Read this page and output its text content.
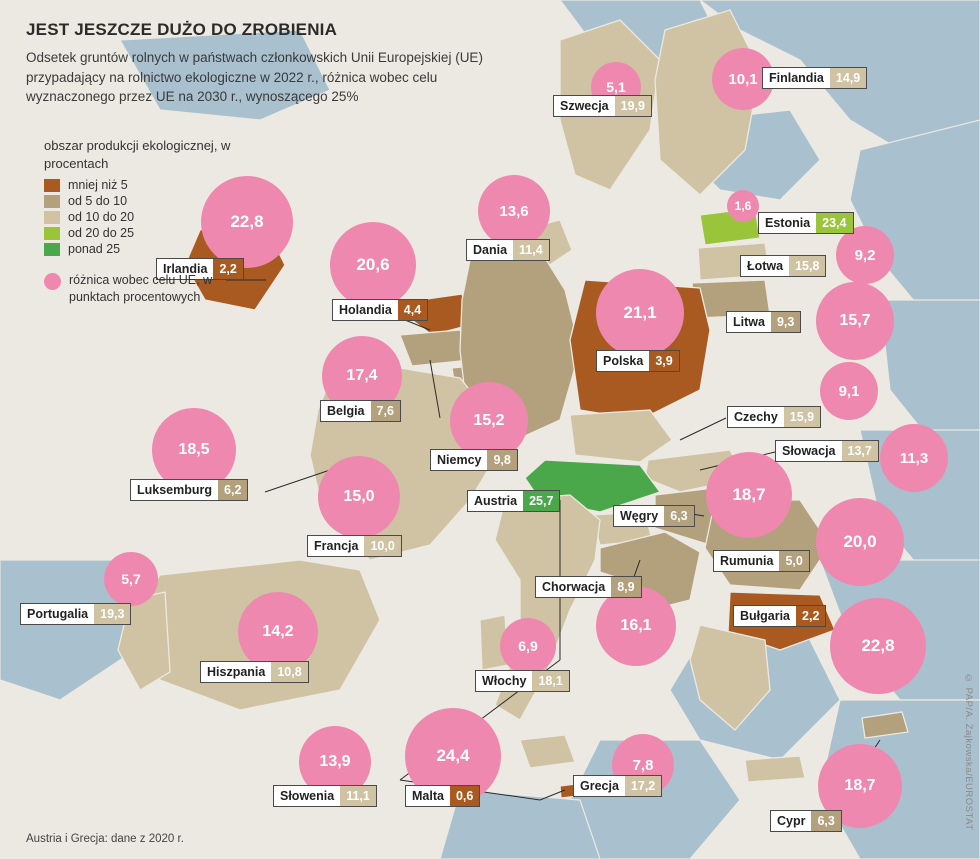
JEST JESZCZE DUŻO DO ZROBIENIA

Odsetek gruntów rolnych w państwach członkowskich Unii Europejskiej (UE) przypadający na rolnictwo ekologiczne w 2022 r., różnica wobec celu wyznaczonego przez UE na 2030 r., wynoszącego 25%

obszar produkcji ekologicznej, w procentach
mniej niż 5
od 5 do 10
od 10 do 20
od 20 do 25
ponad 25
różnica wobec celu UE, w punktach procentowych
5,1	10,1
13,6	1,6
9,2
15,7
22,8
20,6
21,1
17,4
9,1
11,3
15,2
18,5
18,7
15,0
20,0
16,1
5,7
22,8
14,2
6,9
13,9	24,4	7,8
18,7
Finlandia 14,9
Szwecja 19,9
Estonia 23,4
Dania 11,4
Łotwa 15,8
Irlandia 2,2
Holandia 4,4
Litwa 9,3
Polska 3,9
Belgia 7,6	Czechy 15,9
Słowacja 13,7
Niemcy 9,8
Luksemburg 6,2
Austria 25,7
Węgry 6,3
Francja 10,0
Rumunia 5,0
Chorwacja 8,9
Portugalia 19,3	Bułgaria 2,2
Hiszpania 10,8
Włochy 18,1
Grecja 17,2
Słowenia 11,1	Malta 0,6
Cypr 6,3
Austria i Grecja: dane z 2020 r.
© PAP/A. Zajkowska/EUROSTAT
